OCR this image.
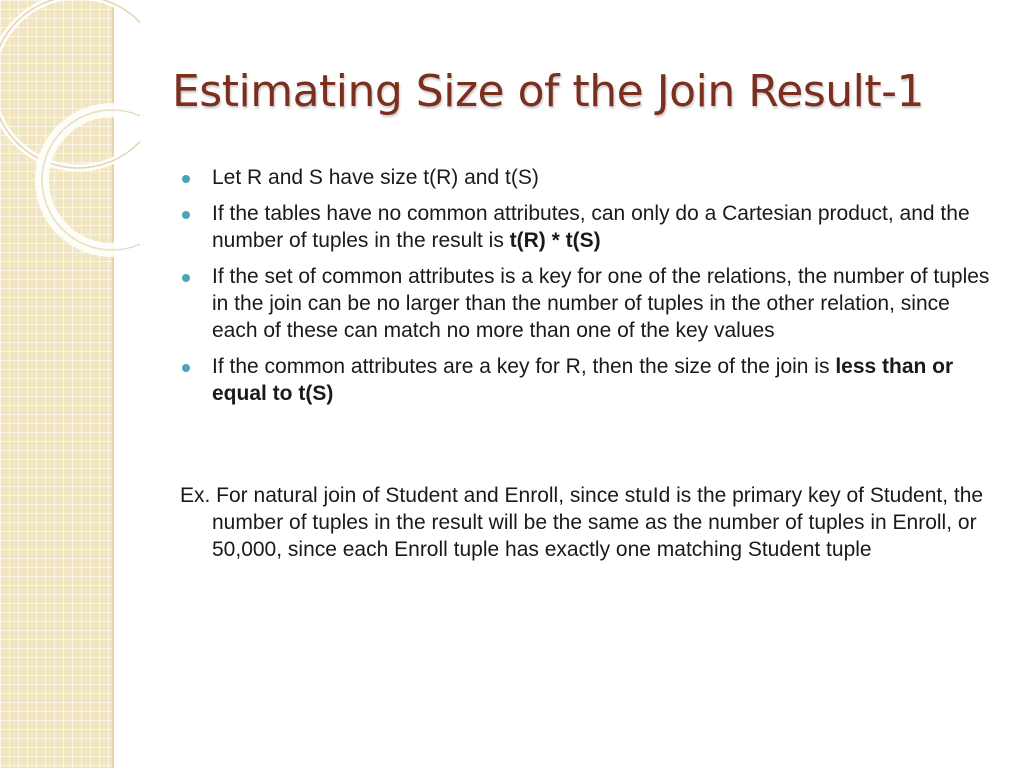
Estimating Size of the Join Result-1
Let R and S have size t(R) and t(S)
If the tables have no common attributes, can only do a Cartesian product, and the number of tuples in the result is t(R) * t(S)
If the set of common attributes is a key for one of the relations, the number of tuples in the join can be no larger than the number of tuples in the other relation, since each of these can match no more than one of the key values
If the common attributes are a key for R, then the size of the join is less than or equal to t(S)
Ex. For natural join of Student and Enroll, since stuId is the primary key of Student, the number of tuples in the result will be the same as the number of tuples in Enroll, or 50,000, since each Enroll tuple has exactly one matching Student tuple
